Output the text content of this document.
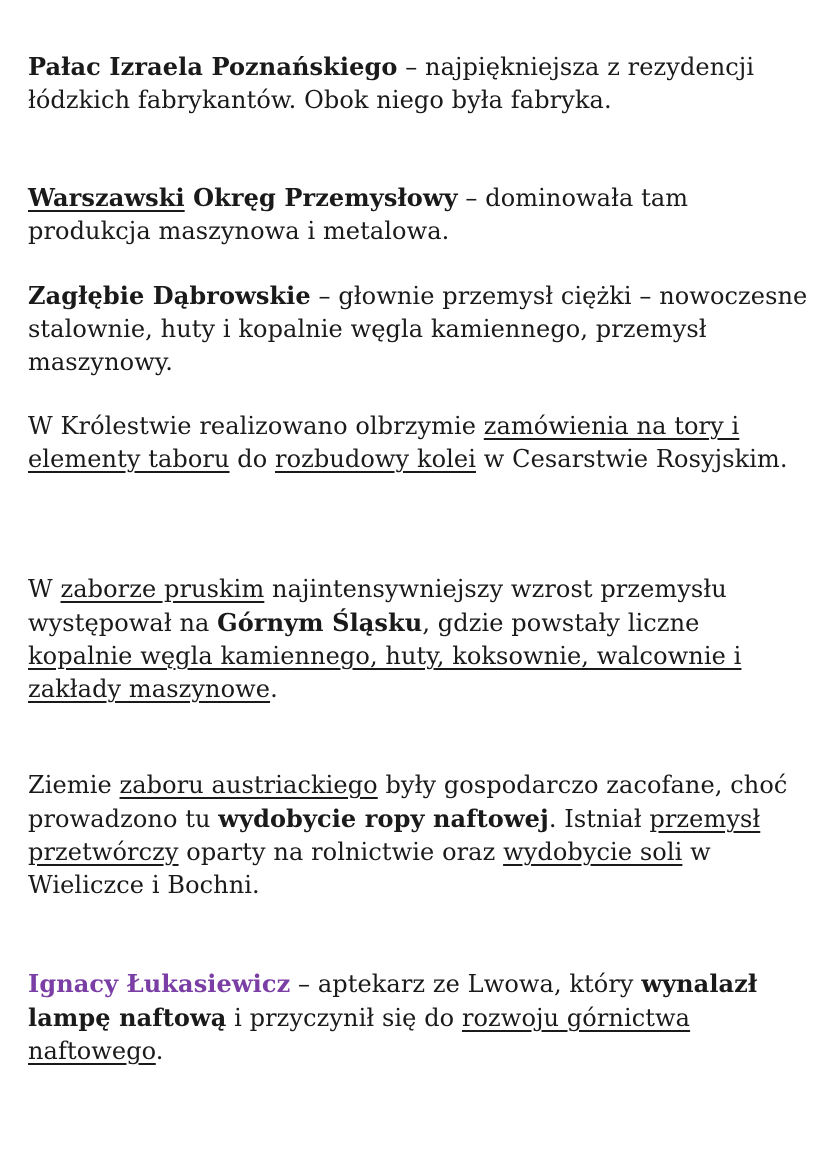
Pałac Izraela Poznańskiego – najpiękniejsza z rezydencji łódzkich fabrykantów. Obok niego była fabryka.

Warszawski Okręg Przemysłowy – dominowała tam produkcja maszynowa i metalowa.

Zagłębie Dąbrowskie – głownie przemysł ciężki – nowoczesne stalownie, huty i kopalnie węgla kamiennego, przemysł maszynowy.

W Królestwie realizowano olbrzymie zamówienia na tory i elementy taboru do rozbudowy kolei w Cesarstwie Rosyjskim.

W zaborze pruskim najintensywniejszy wzrost przemysłu występował na Górnym Śląsku, gdzie powstały liczne kopalnie węgla kamiennego, huty, koksownie, walcownie i zakłady maszynowe.

Ziemie zaboru austriackiego były gospodarczo zacofane, choć prowadzono tu wydobycie ropy naftowej. Istniał przemysł przetwórczy oparty na rolnictwie oraz wydobycie soli w Wieliczce i Bochni.

Ignacy Łukasiewicz – aptekarz ze Lwowa, który wynalazł lampę naftową i przyczynił się do rozwoju górnictwa naftowego.
